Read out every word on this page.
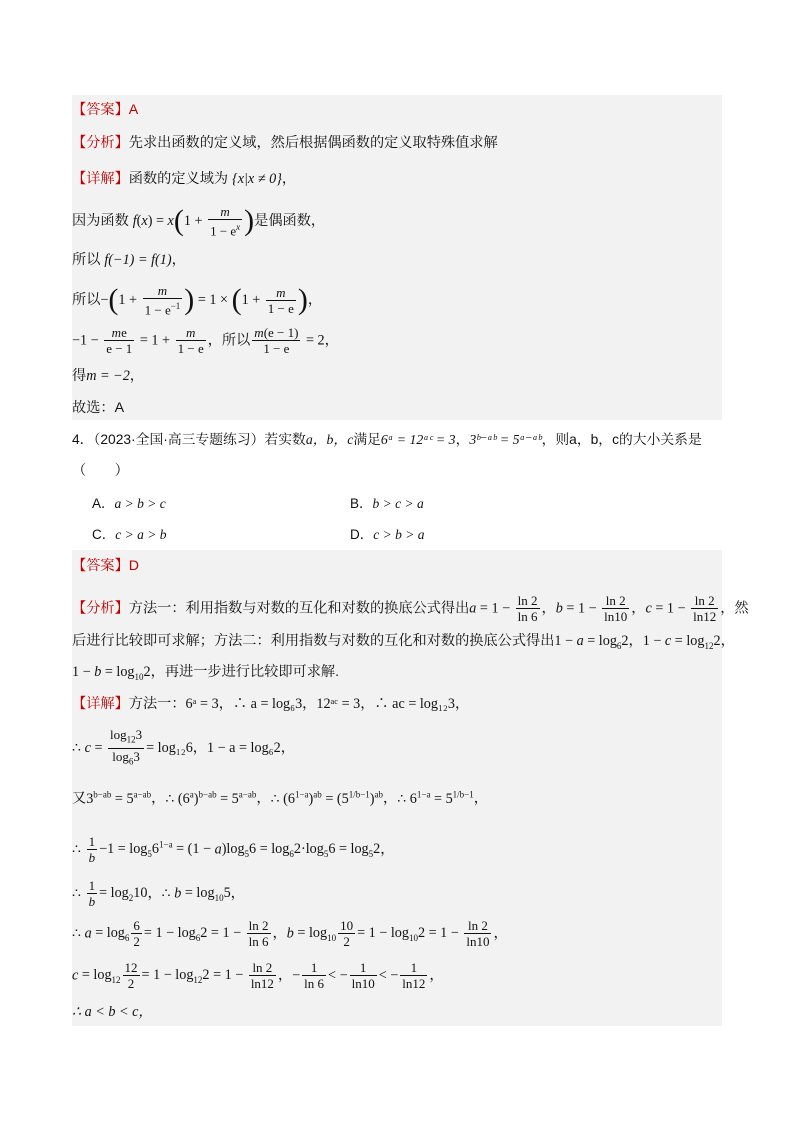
【答案】A
【分析】先求出函数的定义域，然后根据偶函数的定义取特殊值求解
【详解】函数的定义域为 {x|x ≠ 0}，
因为函数 $f(x) = x(1 + \frac{m}{1 - e^x}$ )是偶函数，
所以 f(−1) = f(1)，
所以$-(1 + \frac{m}{1 - e^{-1}}$ ) = $1 \times (1 + \frac{m}{1 - e}$ )，
$-1 - \frac{me}{e - 1} = 1 + \frac{m}{1 - e}$ ，所以 $\frac{m(e - 1)}{1 - e} = 2$，
得m = −2，
故选：A
4．（2023·全国·高三专题练习）若实数a，b，c满足6ᵃ = 12ᵃᶜ = 3，3ᵇ⁻ᵃᵇ = 5ᵃ⁻ᵃᵇ，则a，b，c的大小关系是
（　　）
A．a > b > c	B．b > c > a
C．c > a > b	D．c > b > a
【答案】D
【分析】方法一：利用指数与对数的互化和对数的换底公式得出$a = 1 - \frac{\ln 2}{\ln 6}$ ，$b = 1 - \frac{\ln 2}{\ln 10}$ ，$c = 1 - \frac{\ln 2}{\ln 12}$ ，然
后进行比较即可求解；方法二：利用指数与对数的互化和对数的换底公式得出$1 - a = \log_62$，$1 - c = \log_{12}2$，
$1 - b = \log_{10}2$，再进一步进行比较即可求解.
【详解】方法一：6ᵃ = 3，∴ a = log₆3，12ᵃᶜ = 3，∴ ac = log₁₂3，
∴ $c = \frac{\log_{12}3}{\log_63} = \log_{12}6$，1 − a = log₆2，
又$3^{b-ab} = 5^{a-ab}$，∴ $(6^a)^{b-ab} = 5^{a-ab}$，∴ $(6^{1-a})^{ab} = (5^{1/b-1})^{ab}$，∴ $6^{1-a} = 5^{1/b-1}$，
∴ $\frac{1}{b} -1 = \log_56^{1-a} = (1 - a)\log_56 = \log_62\cdot\log_56 = \log_52$，
∴ $\frac{1}{b} = \log_210$，∴ $b = \log_{10}5$，
∴ $a = \log_6 \frac{6}{2} = 1 - \log_62 = 1 - \frac{\ln 2}{\ln 6}$ ，$b = \log_{10} \frac{10}{2} = 1 - \log_{10}2 = 1 - \frac{\ln 2}{\ln 10}$ ，
$c = \log_{12} \frac{12}{2} = 1 - \log_{12}2 = 1 - \frac{\ln 2}{\ln 12}$ ，− $\frac{1}{\ln 6}$ < − $\frac{1}{\ln 10}$ < − $\frac{1}{\ln 12}$ ，
∴ a < b < c，
